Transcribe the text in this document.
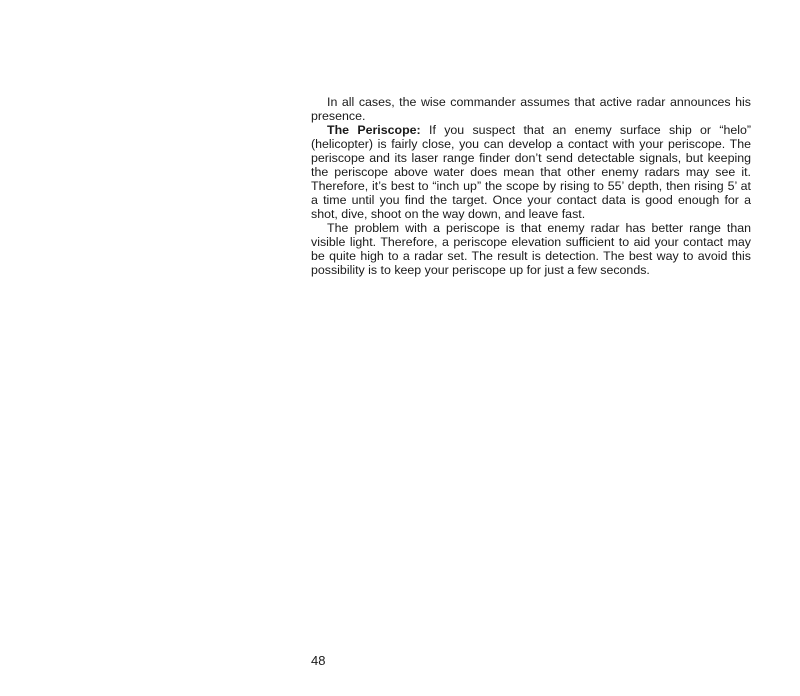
In all cases, the wise commander assumes that active radar announces his presence.

The Periscope: If you suspect that an enemy surface ship or “helo” (helicopter) is fairly close, you can develop a contact with your periscope. The periscope and its laser range finder don’t send detectable signals, but keeping the periscope above water does mean that other enemy radars may see it. Therefore, it’s best to “inch up” the scope by rising to 55’ depth, then rising 5’ at a time until you find the target. Once your contact data is good enough for a shot, dive, shoot on the way down, and leave fast.

The problem with a periscope is that enemy radar has better range than visible light. Therefore, a periscope elevation sufficient to aid your contact may be quite high to a radar set. The result is detection. The best way to avoid this possibility is to keep your periscope up for just a few seconds.

48
